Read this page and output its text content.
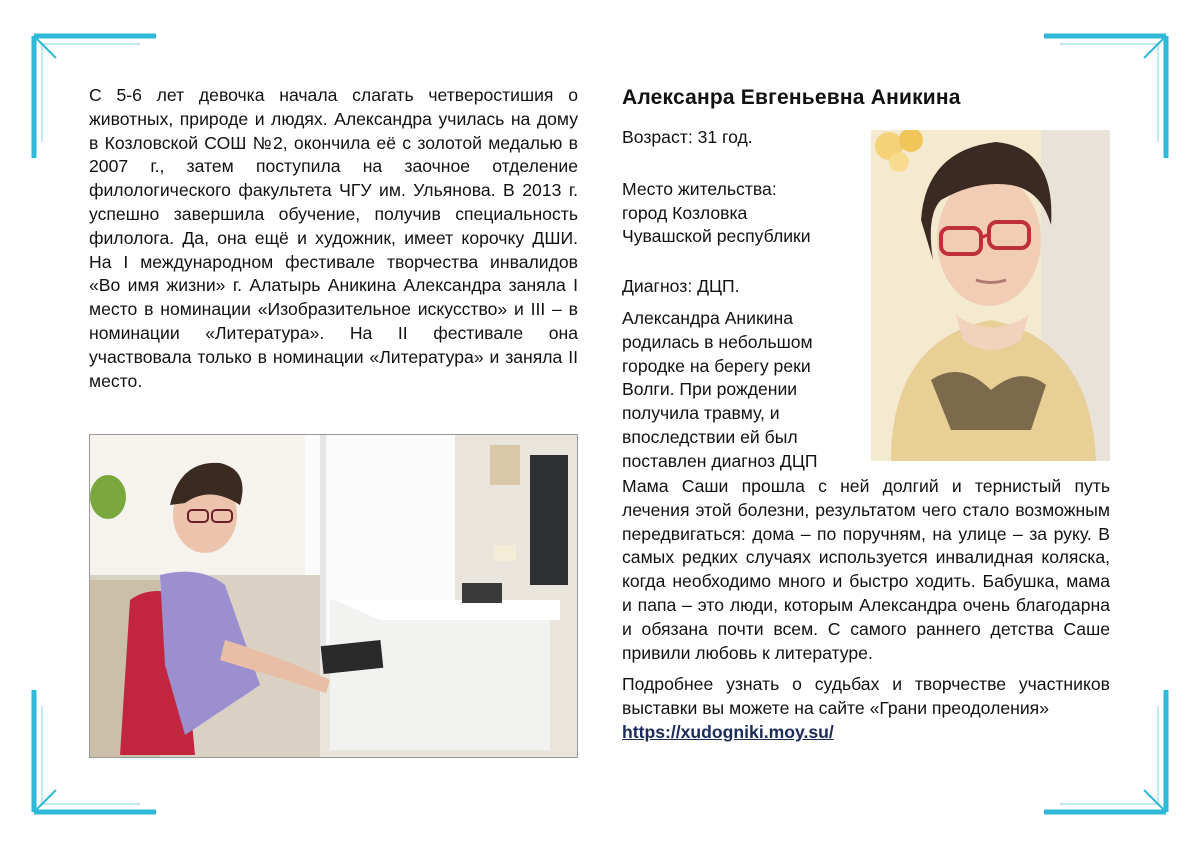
С 5-6 лет девочка начала слагать четверостишия о животных, природе и людях. Александра училась на дому в Козловской СОШ №2, окончила её с золотой медалью в 2007 г., затем поступила на заочное отделение филологического факультета ЧГУ им. Ульянова. В 2013 г. успешно завершила обучение, получив специальность филолога. Да, она ещё и художник, имеет корочку ДШИ. На I международном фестивале творчества инвалидов «Во имя жизни» г. Алатырь Аникина Александра заняла I место в номинации «Изобразительное искусство» и III – в номинации «Литература». На II фестивале она участвовала только в номинации «Литература» и заняла II место.

Алексанра Евгеньевна Аникина

Возраст: 31 год.

Место жительства:

город Козловка

Чувашской республики

Диагноз: ДЦП.

Александра Аникина родилась в небольшом городке на берегу реки Волги. При рождении получила травму, и впоследствии ей был поставлен диагноз ДЦП

Мама Саши прошла с ней долгий и тернистый путь лечения этой болезни, результатом чего стало возможным передвигаться: дома – по поручням, на улице – за руку. В самых редких случаях используется инвалидная коляска, когда необходимо много и быстро ходить. Бабушка, мама и папа – это люди, которым Александра очень благодарна и обязана почти всем. С самого раннего детства Саше привили любовь к литературе.

Подробнее узнать о судьбах и творчестве участников выставки вы можете на сайте «Грани преодоления»

https://xudogniki.moy.su/
